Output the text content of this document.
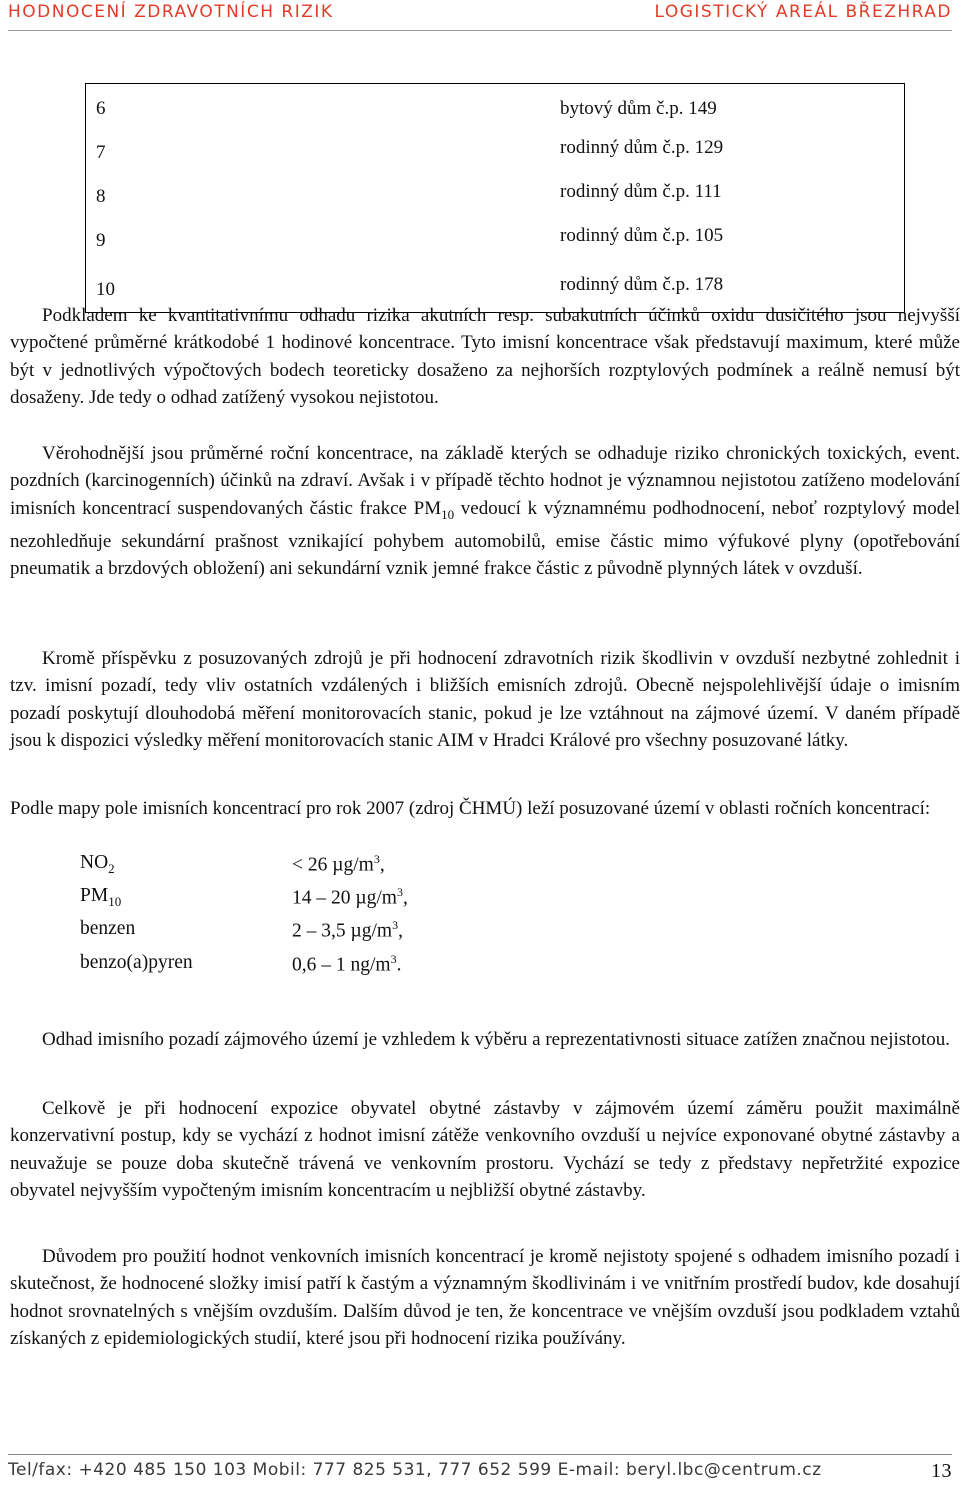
HODNOCENÍ ZDRAVOTNÍCH RIZIK	LOGISTICKÝ AREÁL BŘEZHRAD
6	bytový dům č.p. 149
7	rodinný dům č.p. 129
8	rodinný dům č.p. 111
9	rodinný dům č.p. 105
10	rodinný dům č.p. 178

Podkladem ke kvantitativnímu odhadu rizika akutních resp. subakutních účinků oxidu dusičitého jsou nejvyšší vypočtené průměrné krátkodobé 1 hodinové koncentrace. Tyto imisní koncentrace však představují maximum, které může být v jednotlivých výpočtových bodech teoreticky dosaženo za nejhorších rozptylových podmínek a reálně nemusí být dosaženy. Jde tedy o odhad zatížený vysokou nejistotou.

Věrohodnější jsou průměrné roční koncentrace, na základě kterých se odhaduje riziko chronických toxických, event. pozdních (karcinogenních) účinků na zdraví. Avšak i v případě těchto hodnot je významnou nejistotou zatíženo modelování imisních koncentrací suspendovaných částic frakce $PM_{10}$ vedoucí k významnému podhodnocení, neboť rozptylový model nezohledňuje sekundární prašnost vznikající pohybem automobilů, emise částic mimo výfukové plyny (opotřebování pneumatik a brzdových obložení) ani sekundární vznik jemné frakce částic z původně plynných látek v ovzduší.

Kromě příspěvku z posuzovaných zdrojů je při hodnocení zdravotních rizik škodlivin v ovzduší nezbytné zohlednit i tzv. imisní pozadí, tedy vliv ostatních vzdálených i bližších emisních zdrojů. Obecně nejspolehlivější údaje o imisním pozadí poskytují dlouhodobá měření monitorovacích stanic, pokud je lze vztáhnout na zájmové území. V daném případě jsou k dispozici výsledky měření monitorovacích stanic AIM v Hradci Králové pro všechny posuzované látky.

Podle mapy pole imisních koncentrací pro rok 2007 (zdroj ČHMÚ) leží posuzované území v oblasti ročních koncentrací:

$NO_2$	< 26 $\mu g/m^3$,
$PM_{10}$	14 – 20 $\mu g/m^3$,
benzen	2 – 3,5 $\mu g/m^3$,
benzo(a)pyren	0,6 – 1 $ng/m^3$.

Odhad imisního pozadí zájmového území je vzhledem k výběru a reprezentativnosti situace zatížen značnou nejistotou.

Celkově je při hodnocení expozice obyvatel obytné zástavby v zájmovém území záměru použit maximálně konzervativní postup, kdy se vychází z hodnot imisní zátěže venkovního ovzduší u nejvíce exponované obytné zástavby a neuvažuje se pouze doba skutečně trávená ve venkovním prostoru. Vychází se tedy z představy nepřetržité expozice obyvatel nejvyšším vypočteným imisním koncentracím u nejbližší obytné zástavby.

Důvodem pro použití hodnot venkovních imisních koncentrací je kromě nejistoty spojené s odhadem imisního pozadí i skutečnost, že hodnocené složky imisí patří k častým a významným škodlivinám i ve vnitřním prostředí budov, kde dosahují hodnot srovnatelných s vnějším ovzduším. Dalším důvod je ten, že koncentrace ve vnějším ovzduší jsou podkladem vztahů získaných z epidemiologických studií, které jsou při hodnocení rizika používány.

Tel/fax: +420 485 150 103 Mobil: 777 825 531, 777 652 599 E-mail: beryl.lbc@centrum.cz	13
